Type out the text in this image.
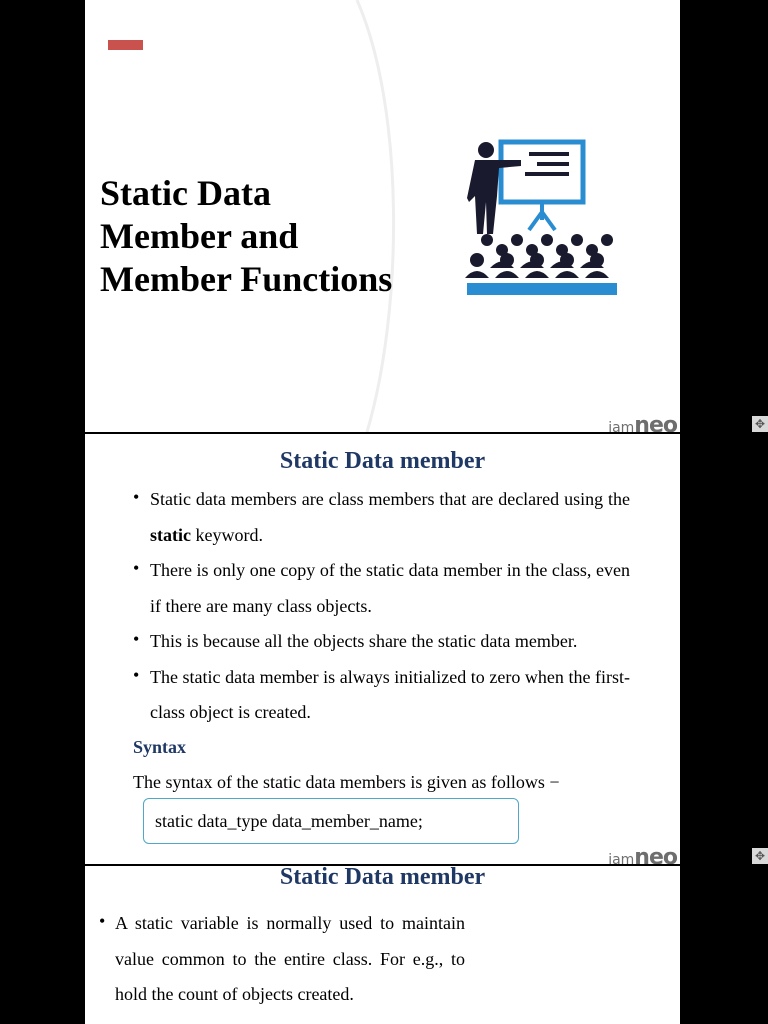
Static Data
Member and
Member Functions
iamneo
Static Data member
• Static data members are class members that are declared using the static keyword.
• There is only one copy of the static data member in the class, even if there are many class objects.
• This is because all the objects share the static data member.
• The static data member is always initialized to zero when the first-class object is created.
Syntax

The syntax of the static data members is given as follows −

static data_type data_member_name;
iamneo
Static Data member
• A static variable is normally used to maintain value common to the entire class. For e.g., to hold the count of objects created.
✥
✥
